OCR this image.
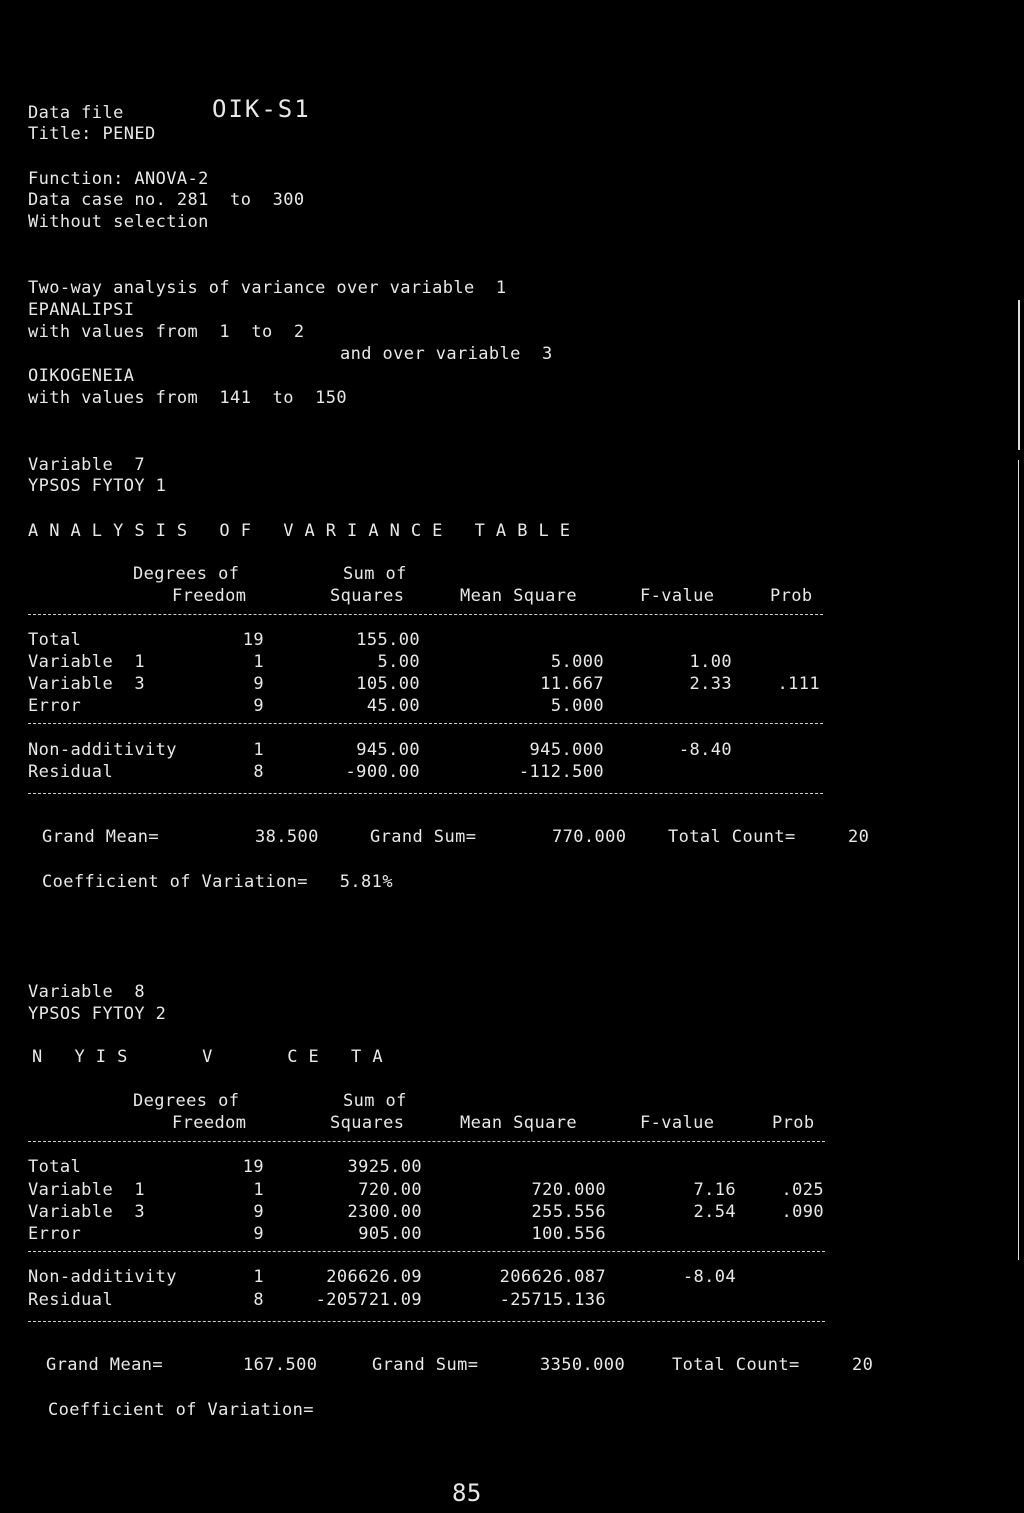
Data file	OIK-S1
Title: PENED
Function: ANOVA-2
Data case no. 281  to  300
Without selection
Two-way analysis of variance over variable  1
EPANALIPSI
with values from  1  to  2
and over variable  3
OIKOGENEIA
with values from  141  to  150
Variable  7
YPSOS FYTOY 1
A N A L Y S I S   O F   V A R I A N C E   T A B L E
Degrees of
Freedom
Sum of
Squares	Mean Square	F-value	Prob
Total	19	155.00
Variable  1	1	5.00	5.000	1.00
Variable  3	9	105.00	11.667	2.33	.111
Error	9	45.00	5.000
Non-additivity	1	945.00	945.000	-8.40
Residual	8	-900.00	-112.500
Grand Mean=	38.500	Grand Sum=	770.000 Total Count=	20
Coefficient of Variation=   5.81%
Variable  8
YPSOS FYTOY 2
N   Y I S       V       C E   T A
Degrees of
Freedom
Sum of
Squares	Mean Square	F-value	Prob
Total	19	3925.00
Variable  1	1	720.00	720.000	7.16	.025
Variable  3	9	2300.00	255.556	2.54	.090
Error	9	905.00	100.556
Non-additivity	1	206626.09	206626.087	-8.04
Residual	8	-205721.09	-25715.136
Grand Mean=	167.500	Grand Sum=	3350.000	Total Count=	20
Coefficient of Variation=
85
